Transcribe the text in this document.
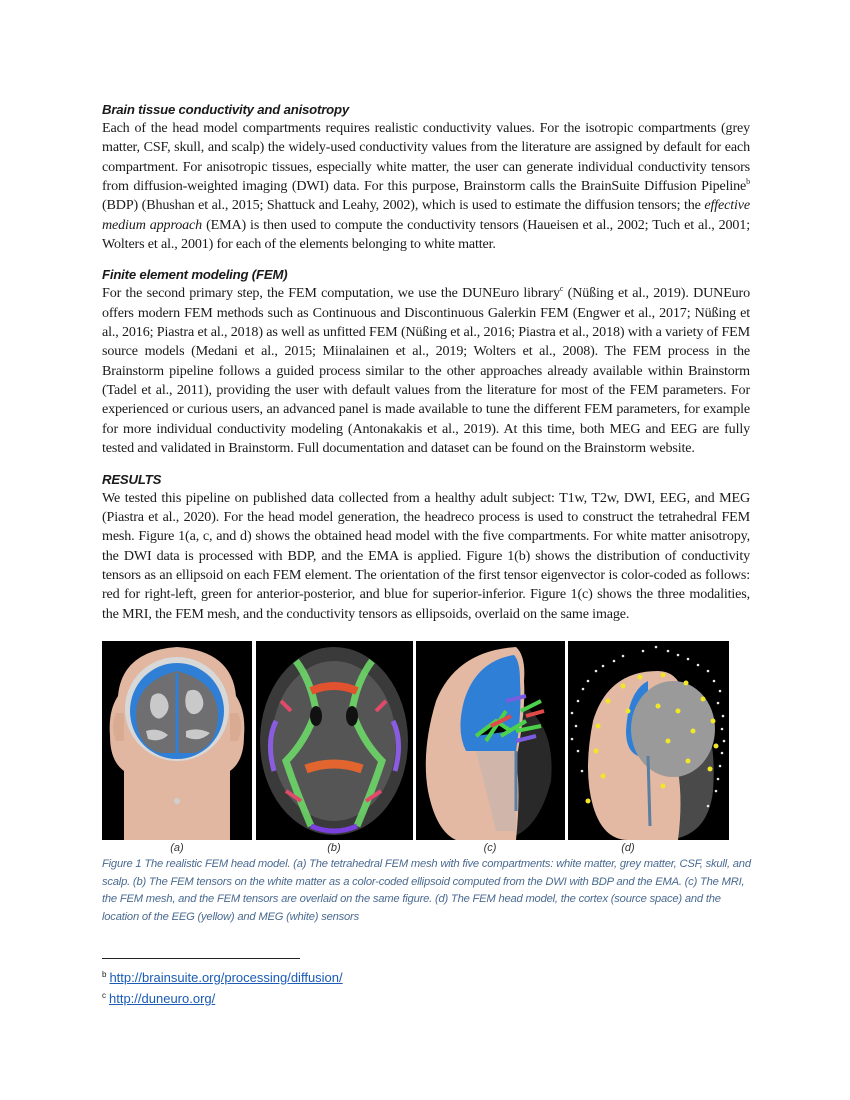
Brain tissue conductivity and anisotropy

Each of the head model compartments requires realistic conductivity values. For the isotropic compartments (grey matter, CSF, skull, and scalp) the widely-used conductivity values from the literature are assigned by default for each compartment. For anisotropic tissues, especially white matter, the user can generate individual conductivity tensors from diffusion-weighted imaging (DWI) data. For this purpose, Brainstorm calls the BrainSuite Diffusion Pipeline$^b$ (BDP) (Bhushan et al., 2015; Shattuck and Leahy, 2002), which is used to estimate the diffusion tensors; the effective medium approach (EMA) is then used to compute the conductivity tensors (Haueisen et al., 2002; Tuch et al., 2001; Wolters et al., 2001) for each of the elements belonging to white matter.

Finite element modeling (FEM)

For the second primary step, the FEM computation, we use the DUNEuro library$^c$ (Nüßing et al., 2019). DUNEuro offers modern FEM methods such as Continuous and Discontinuous Galerkin FEM (Engwer et al., 2017; Nüßing et al., 2016; Piastra et al., 2018) as well as unfitted FEM (Nüßing et al., 2016; Piastra et al., 2018) with a variety of FEM source models (Medani et al., 2015; Miinalainen et al., 2019; Wolters et al., 2008). The FEM process in the Brainstorm pipeline follows a guided process similar to the other approaches already available within Brainstorm (Tadel et al., 2011), providing the user with default values from the literature for most of the FEM parameters. For experienced or curious users, an advanced panel is made available to tune the different FEM parameters, for example for more individual conductivity modeling (Antonakakis et al., 2019). At this time, both MEG and EEG are fully tested and validated in Brainstorm. Full documentation and dataset can be found on the Brainstorm website.

RESULTS

We tested this pipeline on published data collected from a healthy adult subject: T1w, T2w, DWI, EEG, and MEG (Piastra et al., 2020). For the head model generation, the headreco process is used to construct the tetrahedral FEM mesh. Figure 1(a, c, and d) shows the obtained head model with the five compartments. For white matter anisotropy, the DWI data is processed with BDP, and the EMA is applied. Figure 1(b) shows the distribution of conductivity tensors as an ellipsoid on each FEM element. The orientation of the first tensor eigenvector is color-coded as follows: red for right-left, green for anterior-posterior, and blue for superior-inferior. Figure 1(c) shows the three modalities, the MRI, the FEM mesh, and the conductivity tensors as ellipsoids, overlaid on the same image.

(a)	(b)	(c)	(d)

Figure 1 The realistic FEM head model. (a) The tetrahedral FEM mesh with five compartments: white matter, grey matter, CSF, skull, and scalp. (b) The FEM tensors on the white matter as a color-coded ellipsoid computed from the DWI with BDP and the EMA. (c) The MRI, the FEM mesh, and the FEM tensors are overlaid on the same figure. (d) The FEM head model, the cortex (source space) and the location of the EEG (yellow) and MEG (white) sensors

$^b$ http://brainsuite.org/processing/diffusion/
$^c$ http://duneuro.org/
